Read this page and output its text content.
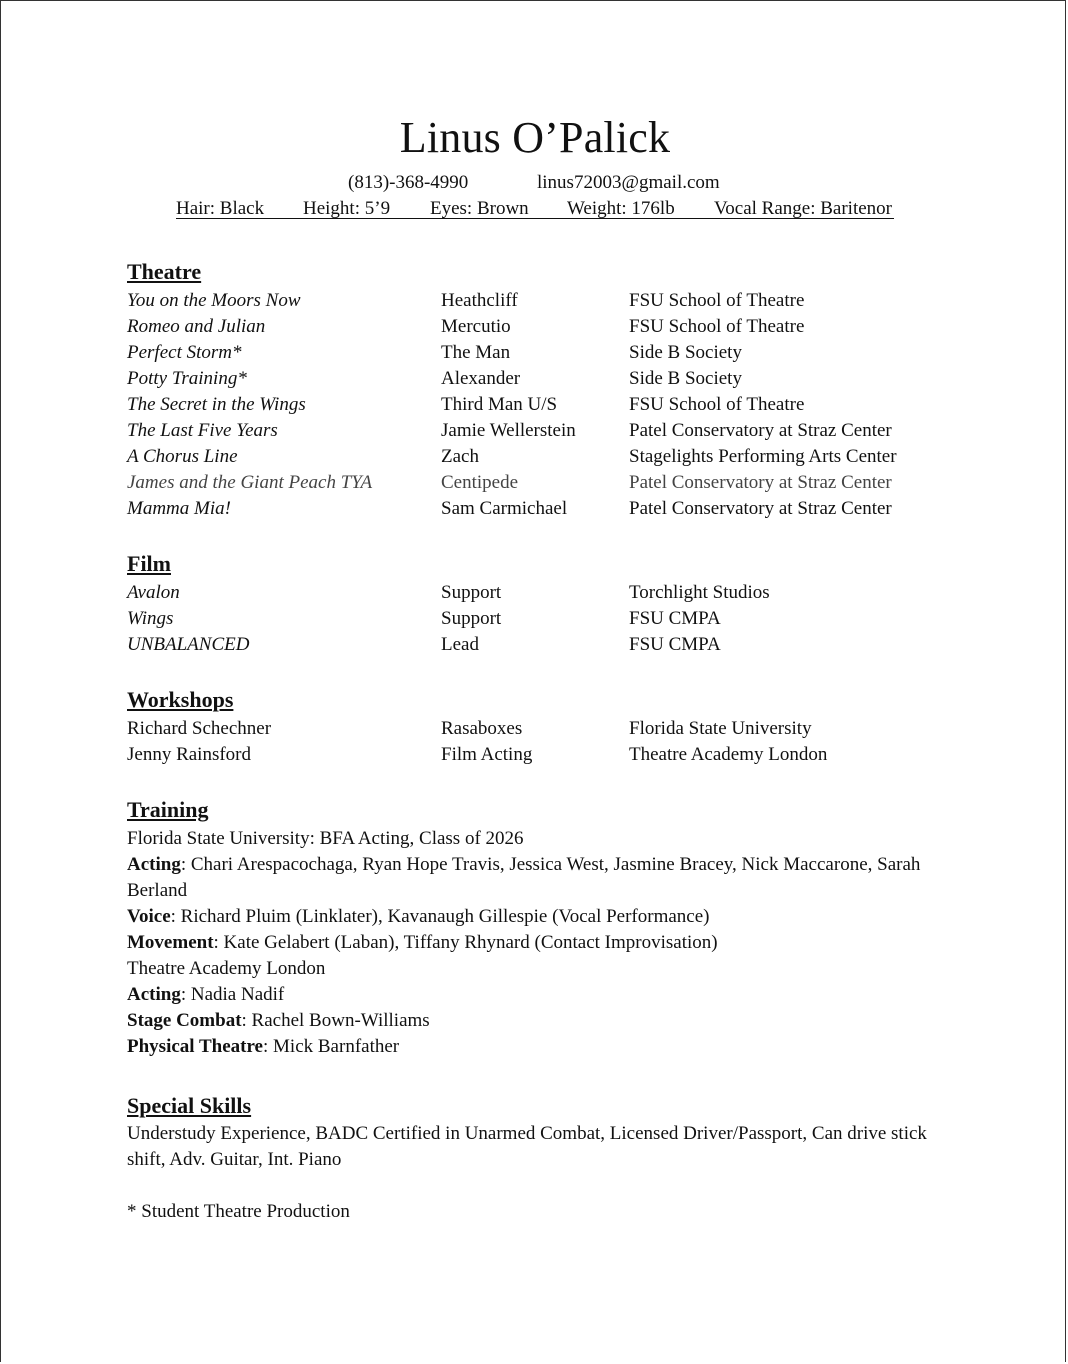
Linus O’Palick
(813)-368-4990	linus72003@gmail.com
Hair: Black Height: 5’9 Eyes: Brown Weight: 176lb Vocal Range: Baritenor
Theatre
You on the Moors Now	Heathcliff	FSU School of Theatre
Romeo and Julian	Mercutio	FSU School of Theatre
Perfect Storm*	The Man	Side B Society
Potty Training*	Alexander	Side B Society
The Secret in the Wings	Third Man U/S	FSU School of Theatre
The Last Five Years	Jamie Wellerstein	Patel Conservatory at Straz Center
A Chorus Line	Zach	Stagelights Performing Arts Center
James and the Giant Peach TYA	Centipede	Patel Conservatory at Straz Center
Mamma Mia!	Sam Carmichael	Patel Conservatory at Straz Center
Film
Avalon	Support	Torchlight Studios
Wings	Support	FSU CMPA
UNBALANCED	Lead	FSU CMPA
Workshops
Richard Schechner	Rasaboxes	Florida State University
Jenny Rainsford	Film Acting	Theatre Academy London
Training
Florida State University: BFA Acting, Class of 2026
Acting: Chari Arespacochaga, Ryan Hope Travis, Jessica West, Jasmine Bracey, Nick Maccarone, Sarah Berland
Voice: Richard Pluim (Linklater), Kavanaugh Gillespie (Vocal Performance)
Movement: Kate Gelabert (Laban), Tiffany Rhynard (Contact Improvisation)
Theatre Academy London
Acting: Nadia Nadif
Stage Combat: Rachel Bown-Williams
Physical Theatre: Mick Barnfather
Special Skills
Understudy Experience, BADC Certified in Unarmed Combat, Licensed Driver/Passport, Can drive stick shift, Adv. Guitar, Int. Piano
* Student Theatre Production
